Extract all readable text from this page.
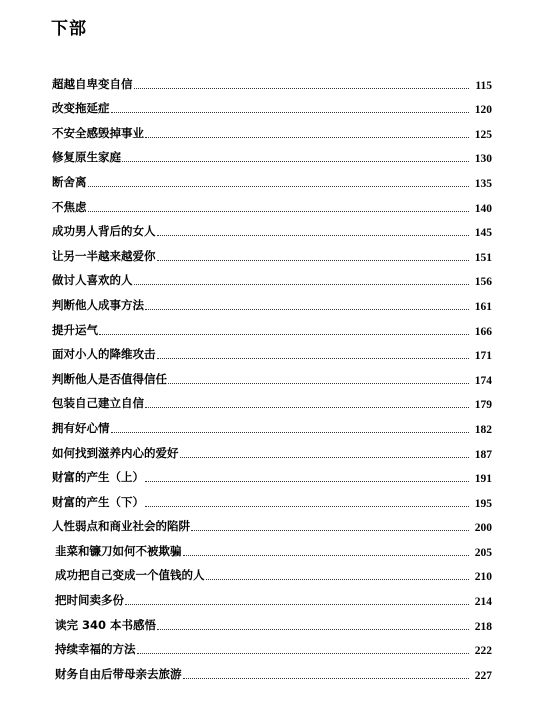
下部
超越自卑变自信	115
改变拖延症	120
不安全感毁掉事业	125
修复原生家庭	130
断舍离	135
不焦虑	140
成功男人背后的女人	145
让另一半越来越爱你	151
做讨人喜欢的人	156
判断他人成事方法	161
提升运气	166
面对小人的降维攻击	171
判断他人是否值得信任	174
包装自己建立自信	179
拥有好心情	182
如何找到滋养内心的爱好	187
财富的产生（上）	191
财富的产生（下）	195
人性弱点和商业社会的陷阱	200
韭菜和镰刀如何不被欺骗	205
成功把自己变成一个值钱的人	210
把时间卖多份	214
读完 340 本书感悟	218
持续幸福的方法	222
财务自由后带母亲去旅游	227
